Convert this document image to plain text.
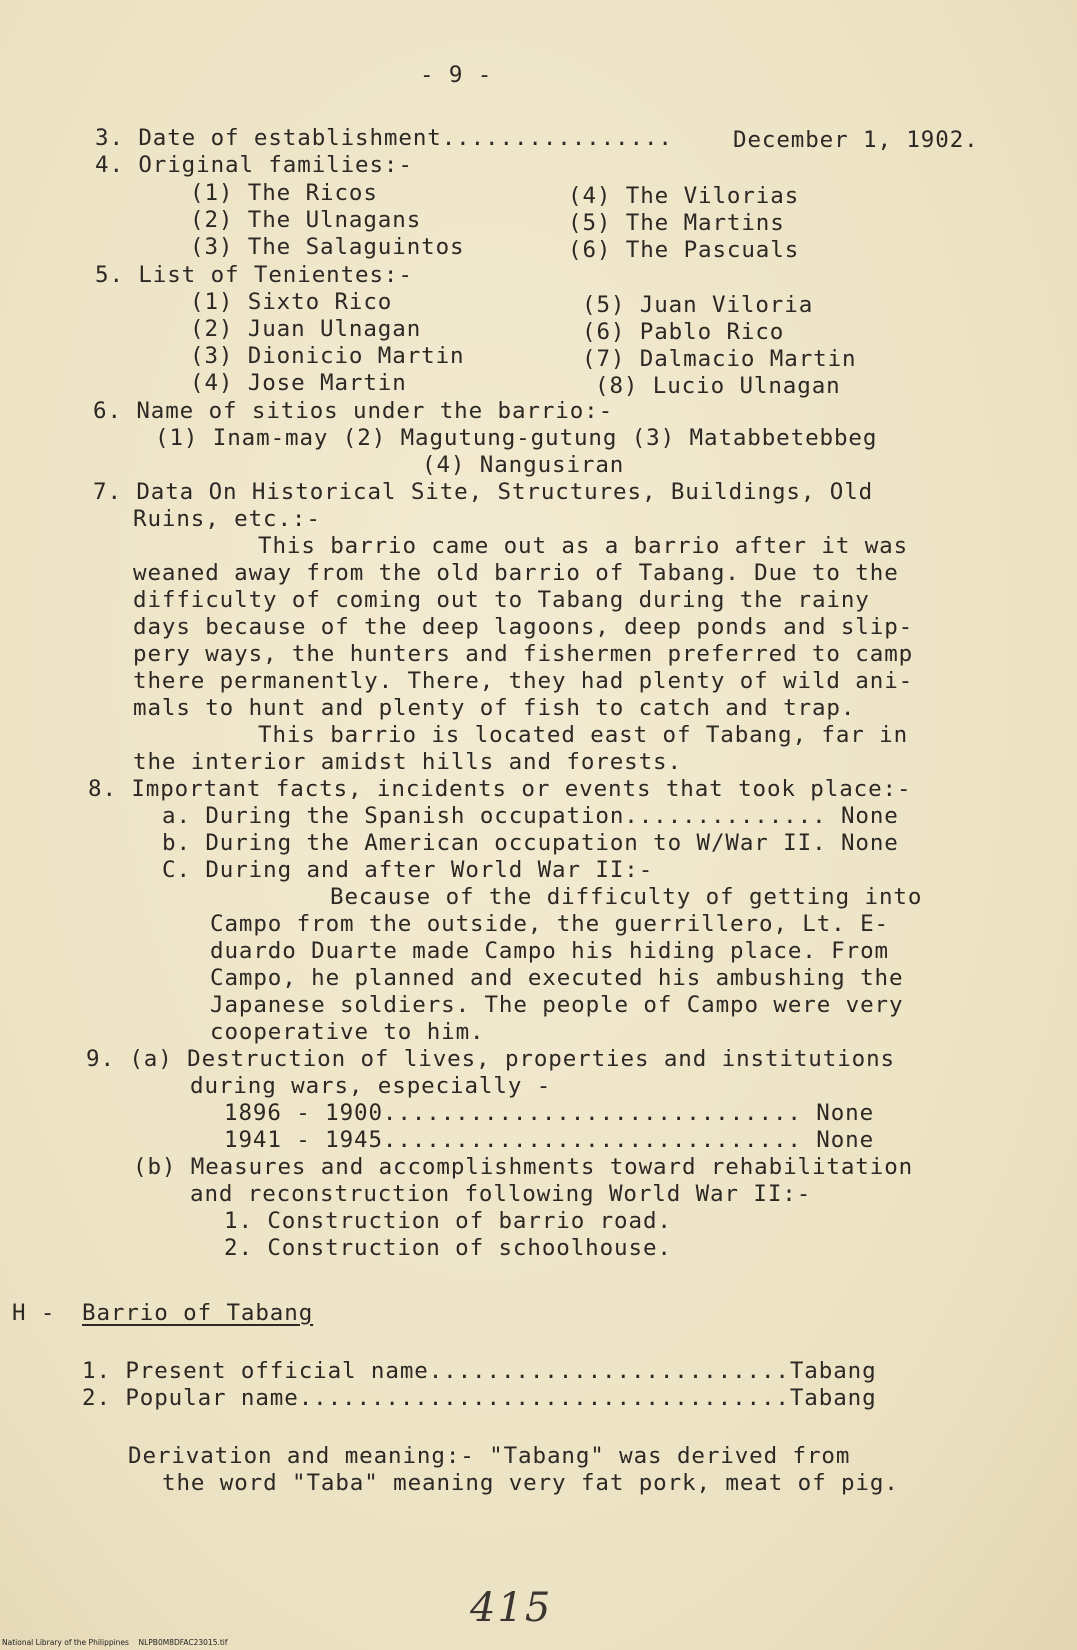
- 9 -
3. Date of establishment................	December 1, 1902.
4. Original families:-
(1) The Ricos
(2) The Ulnagans
(3) The Salaguintos
(4) The Vilorias
(5) The Martins
(6) The Pascuals
5. List of Tenientes:-
(1) Sixto Rico
(2) Juan Ulnagan
(3) Dionicio Martin
(4) Jose Martin
(5) Juan Viloria
(6) Pablo Rico
(7) Dalmacio Martin
(8) Lucio Ulnagan
6. Name of sitios under the barrio:-
(1) Inam-may (2) Magutung-gutung (3) Matabbetebbeg
(4) Nangusiran
7. Data On Historical Site, Structures, Buildings, Old
Ruins, etc.:-
This barrio came out as a barrio after it was
weaned away from the old barrio of Tabang. Due to the
difficulty of coming out to Tabang during the rainy
days because of the deep lagoons, deep ponds and slip-
pery ways, the hunters and fishermen preferred to camp
there permanently. There, they had plenty of wild ani-
mals to hunt and plenty of fish to catch and trap.
This barrio is located east of Tabang, far in
the interior amidst hills and forests.
8. Important facts, incidents or events that took place:-
a. During the Spanish occupation.............. None
b. During the American occupation to W/War II. None
C. During and after World War II:-
Because of the difficulty of getting into
Campo from the outside, the guerrillero, Lt. E-
duardo Duarte made Campo his hiding place. From
Campo, he planned and executed his ambushing the
Japanese soldiers. The people of Campo were very
cooperative to him.
9. (a) Destruction of lives, properties and institutions
during wars, especially -
1896 - 1900............................. None
1941 - 1945............................. None
(b) Measures and accomplishments toward rehabilitation
and reconstruction following World War II:-
1. Construction of barrio road.
2. Construction of schoolhouse.
H - Barrio of Tabang
1. Present official name.........................Tabang
2. Popular name..................................Tabang
Derivation and meaning:- "Tabang" was derived from
the word "Taba" meaning very fat pork, meat of pig.
415
National Library of the Philippines    NLPB0M8DFAC23015.tif
